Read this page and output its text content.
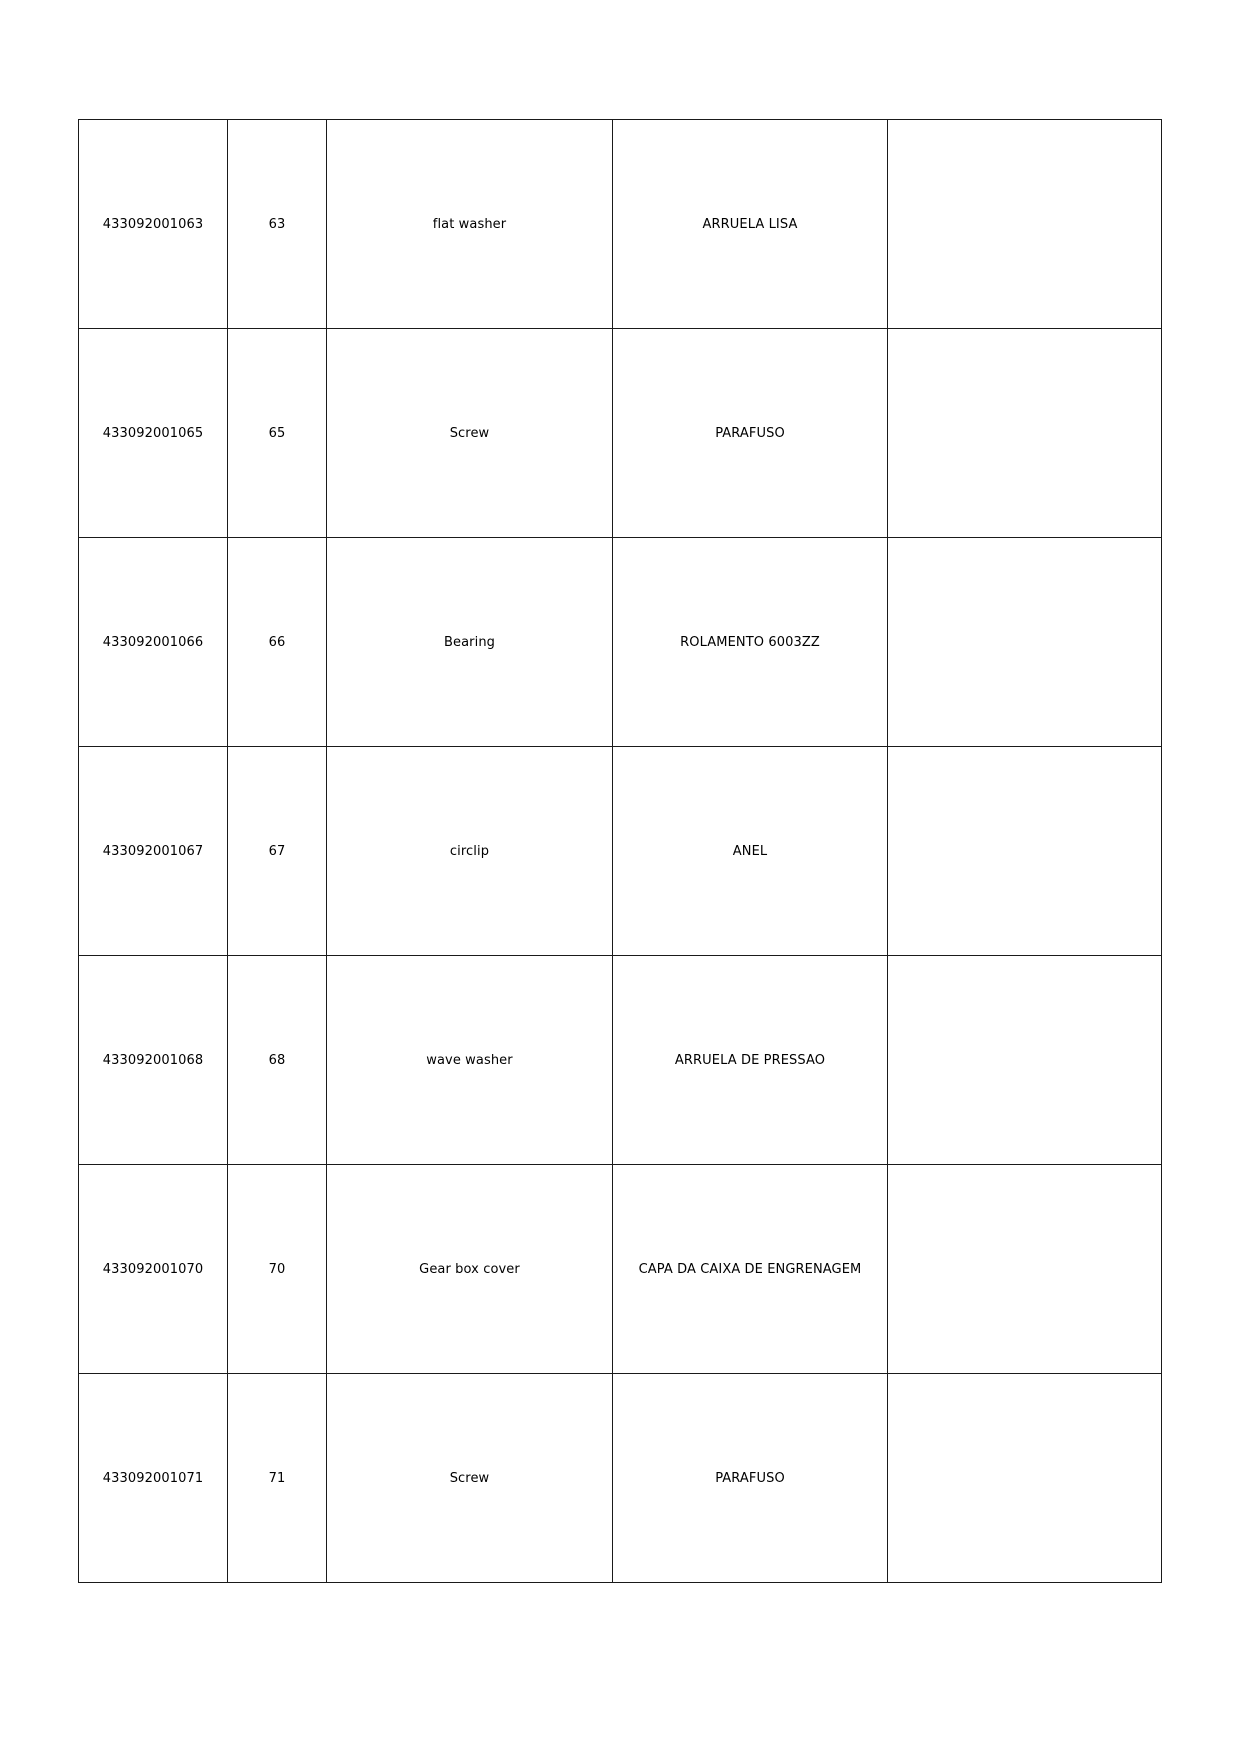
433092001063	63	flat washer	ARRUELA LISA	
433092001065	65	Screw	PARAFUSO	
433092001066	66	Bearing	ROLAMENTO 6003ZZ	
433092001067	67	circlip	ANEL	
433092001068	68	wave washer	ARRUELA DE PRESSAO	
433092001070	70	Gear box cover	CAPA DA CAIXA DE ENGRENAGEM	
433092001071	71	Screw	PARAFUSO	
